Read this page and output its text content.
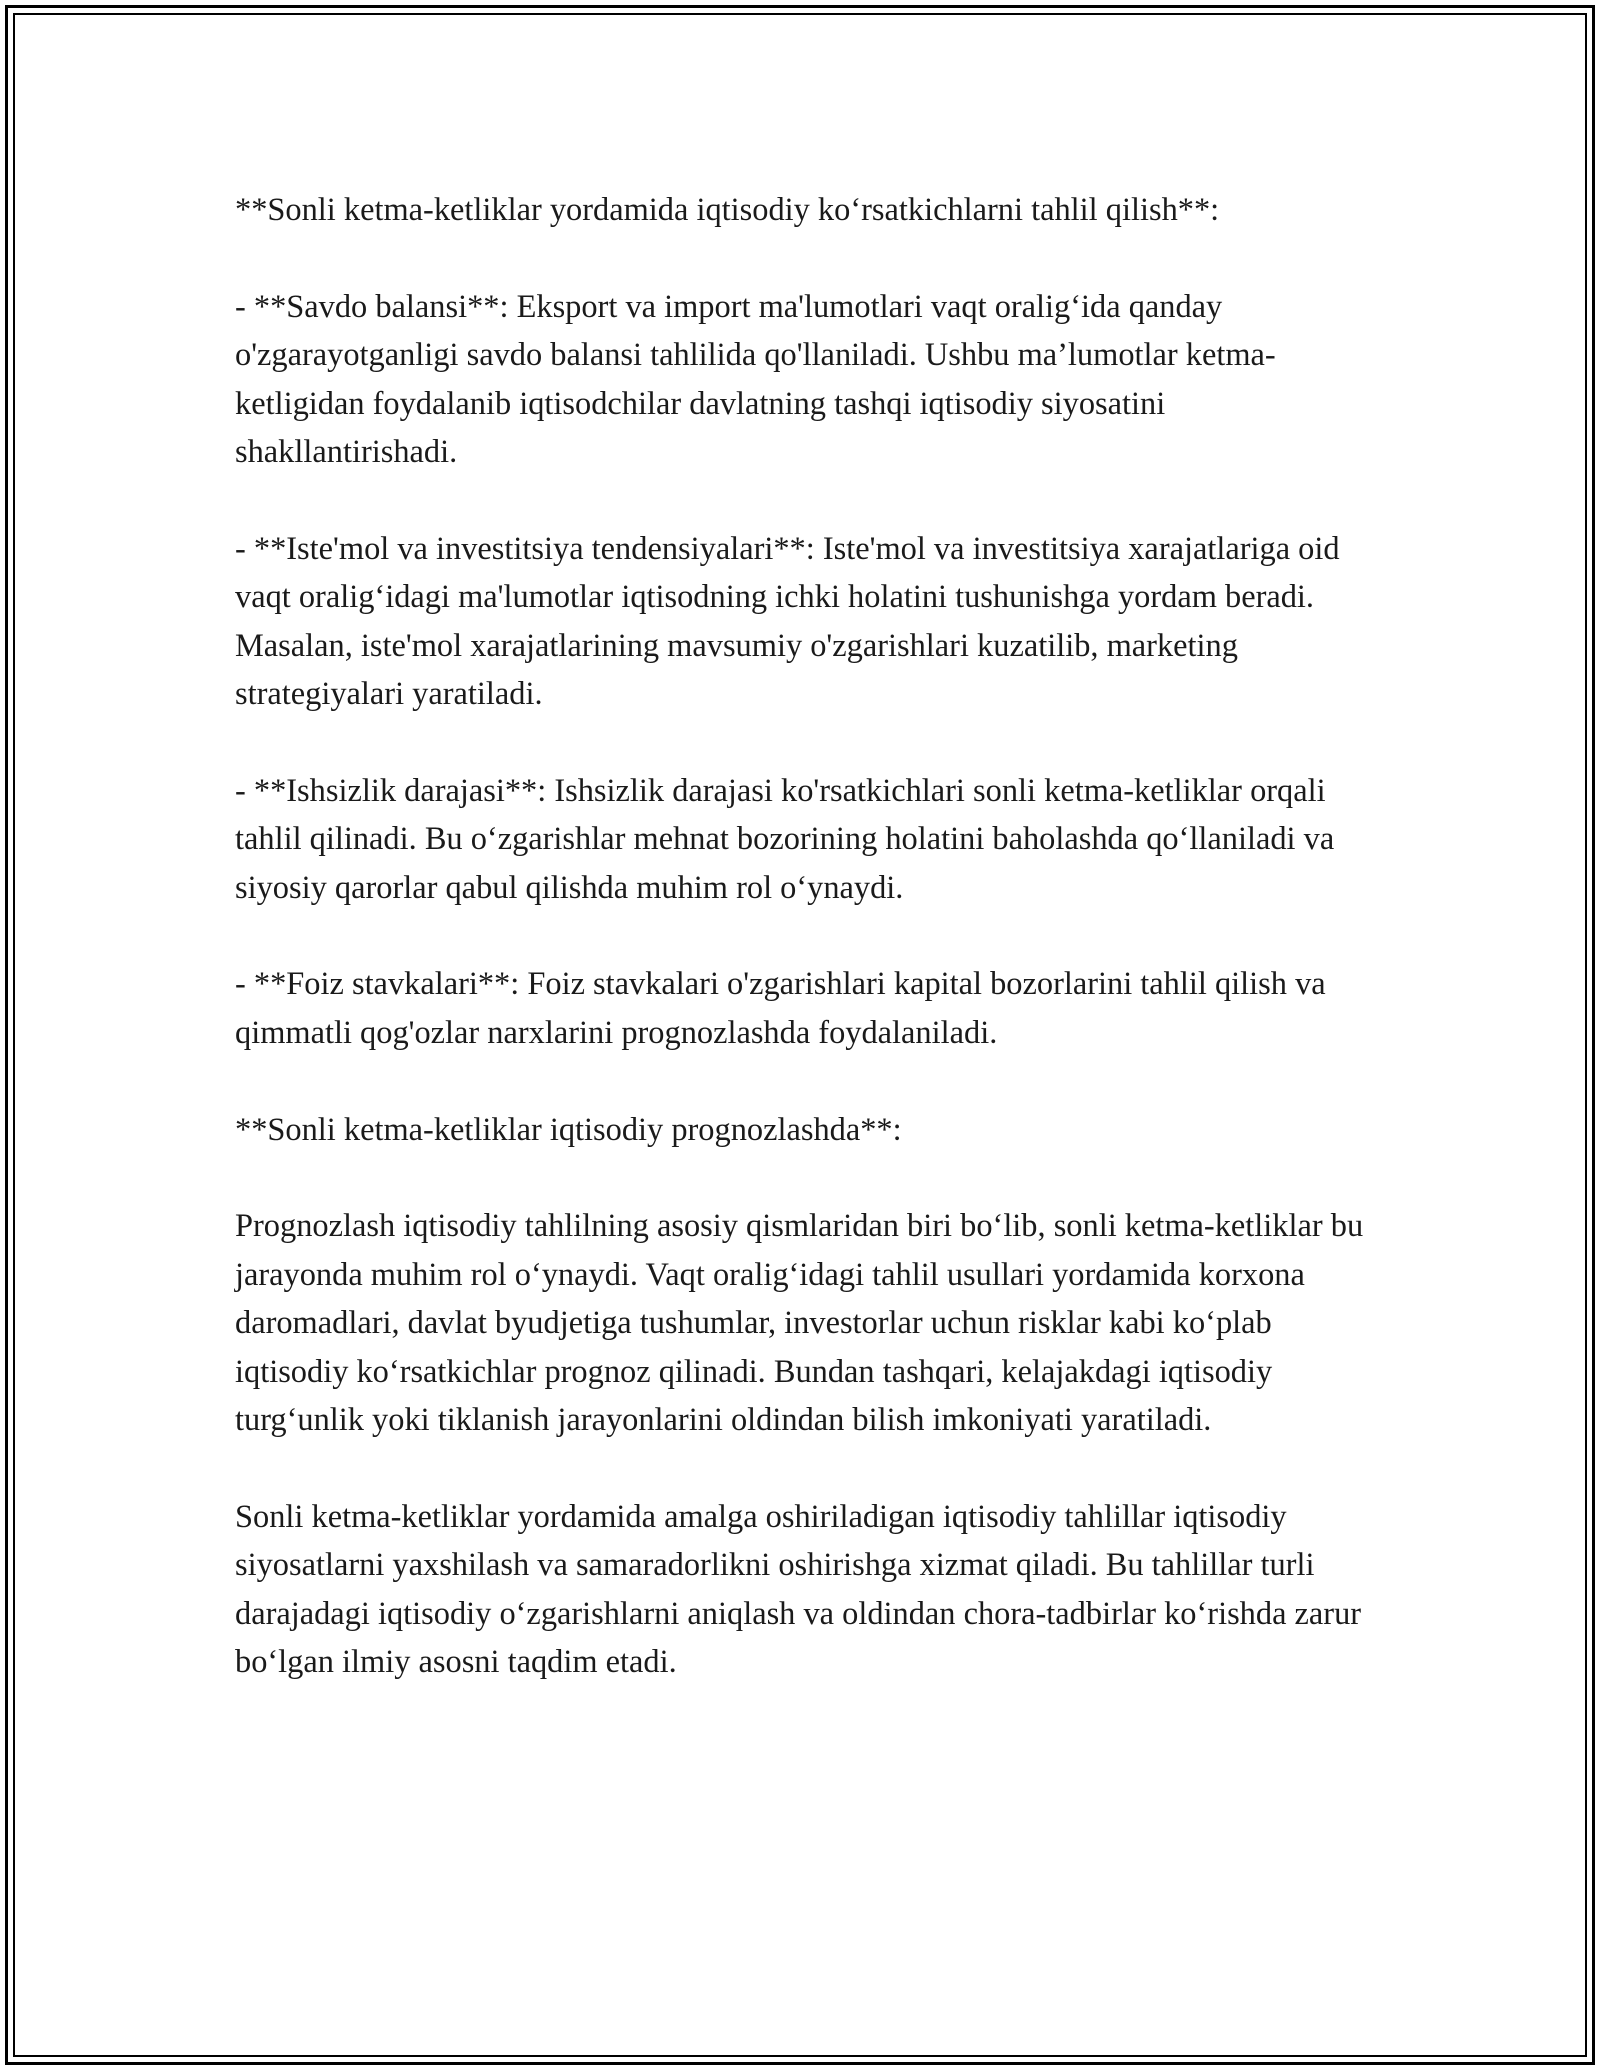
**Sonli ketma-ketliklar yordamida iqtisodiy ko‘rsatkichlarni tahlil qilish**:

- **Savdo balansi**: Eksport va import ma'lumotlari vaqt oralig‘ida qanday o'zgarayotganligi savdo balansi tahlilida qo'llaniladi. Ushbu ma’lumotlar ketma-ketligidan foydalanib iqtisodchilar davlatning tashqi iqtisodiy siyosatini shakllantirishadi.

- **Iste'mol va investitsiya tendensiyalari**: Iste'mol va investitsiya xarajatlariga oid vaqt oralig‘idagi ma'lumotlar iqtisodning ichki holatini tushunishga yordam beradi. Masalan, iste'mol xarajatlarining mavsumiy o'zgarishlari kuzatilib, marketing strategiyalari yaratiladi.

- **Ishsizlik darajasi**: Ishsizlik darajasi ko'rsatkichlari sonli ketma-ketliklar orqali tahlil qilinadi. Bu o‘zgarishlar mehnat bozorining holatini baholashda qo‘llaniladi va siyosiy qarorlar qabul qilishda muhim rol o‘ynaydi.

- **Foiz stavkalari**: Foiz stavkalari o'zgarishlari kapital bozorlarini tahlil qilish va qimmatli qog'ozlar narxlarini prognozlashda foydalaniladi.

**Sonli ketma-ketliklar iqtisodiy prognozlashda**:

Prognozlash iqtisodiy tahlilning asosiy qismlaridan biri bo‘lib, sonli ketma-ketliklar bu jarayonda muhim rol o‘ynaydi. Vaqt oralig‘idagi tahlil usullari yordamida korxona daromadlari, davlat byudjetiga tushumlar, investorlar uchun risklar kabi ko‘plab iqtisodiy ko‘rsatkichlar prognoz qilinadi. Bundan tashqari, kelajakdagi iqtisodiy turg‘unlik yoki tiklanish jarayonlarini oldindan bilish imkoniyati yaratiladi.

Sonli ketma-ketliklar yordamida amalga oshiriladigan iqtisodiy tahlillar iqtisodiy siyosatlarni yaxshilash va samaradorlikni oshirishga xizmat qiladi. Bu tahlillar turli darajadagi iqtisodiy o‘zgarishlarni aniqlash va oldindan chora-tadbirlar ko‘rishda zarur bo‘lgan ilmiy asosni taqdim etadi.
